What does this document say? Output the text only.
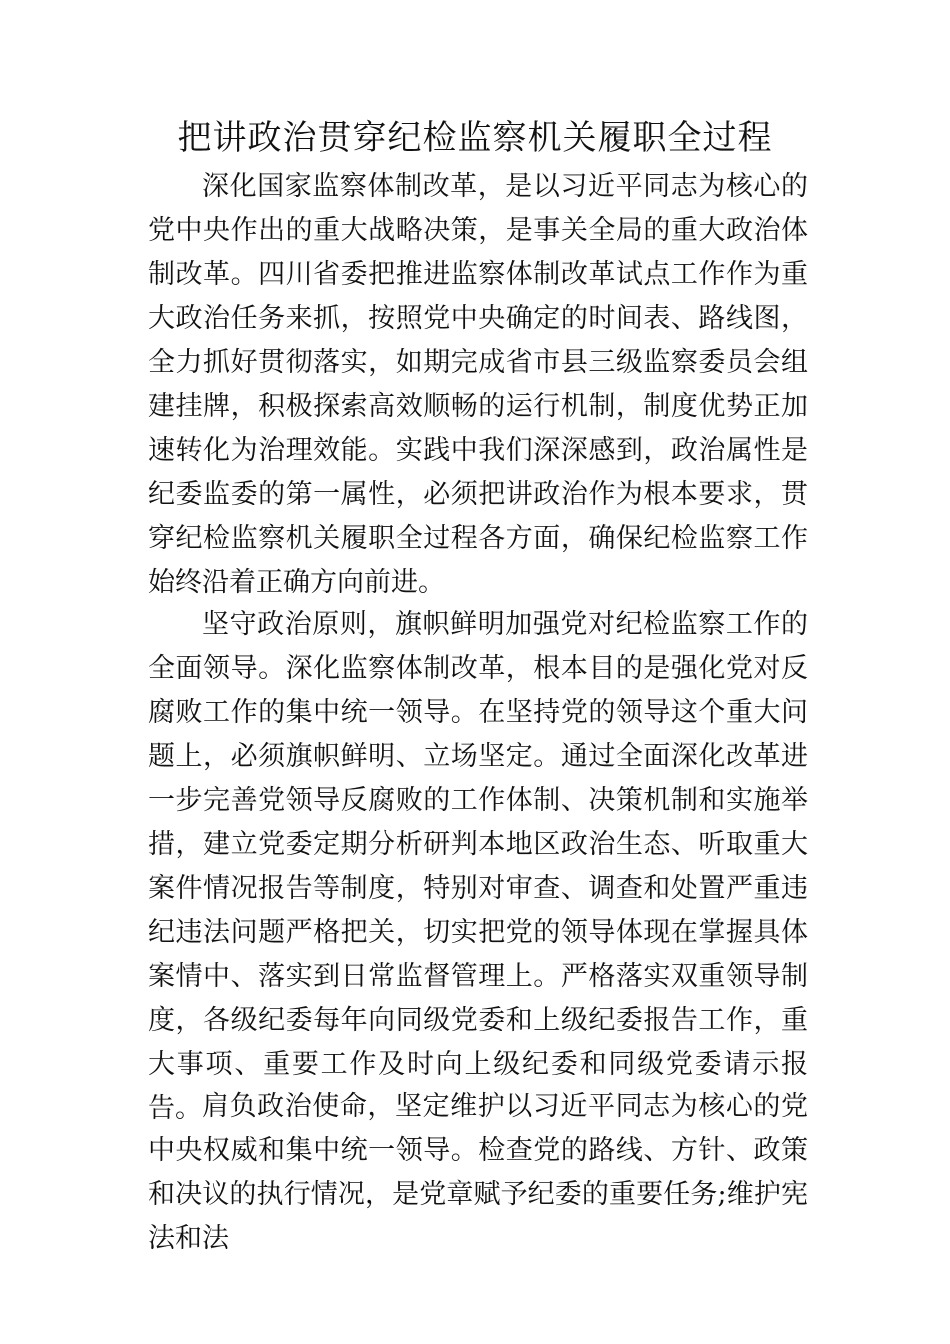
把讲政治贯穿纪检监察机关履职全过程

深化国家监察体制改革，是以习近平同志为核心的党中央作出的重大战略决策，是事关全局的重大政治体制改革。四川省委把推进监察体制改革试点工作作为重大政治任务来抓，按照党中央确定的时间表、路线图，全力抓好贯彻落实，如期完成省市县三级监察委员会组建挂牌，积极探索高效顺畅的运行机制，制度优势正加速转化为治理效能。实践中我们深深感到，政治属性是纪委监委的第一属性，必须把讲政治作为根本要求，贯穿纪检监察机关履职全过程各方面，确保纪检监察工作始终沿着正确方向前进。

坚守政治原则，旗帜鲜明加强党对纪检监察工作的全面领导。深化监察体制改革，根本目的是强化党对反腐败工作的集中统一领导。在坚持党的领导这个重大问题上，必须旗帜鲜明、立场坚定。通过全面深化改革进一步完善党领导反腐败的工作体制、决策机制和实施举措，建立党委定期分析研判本地区政治生态、听取重大案件情况报告等制度，特别对审查、调查和处置严重违纪违法问题严格把关，切实把党的领导体现在掌握具体案情中、落实到日常监督管理上。严格落实双重领导制度，各级纪委每年向同级党委和上级纪委报告工作，重大事项、重要工作及时向上级纪委和同级党委请示报告。 肩负政治使命，坚定维护以习近平同志为核心的党中央权威和集中统一领导。检查党的路线、方针、政策和决议的执行情况，是党章赋予纪委的重要任务;维护宪法和法
